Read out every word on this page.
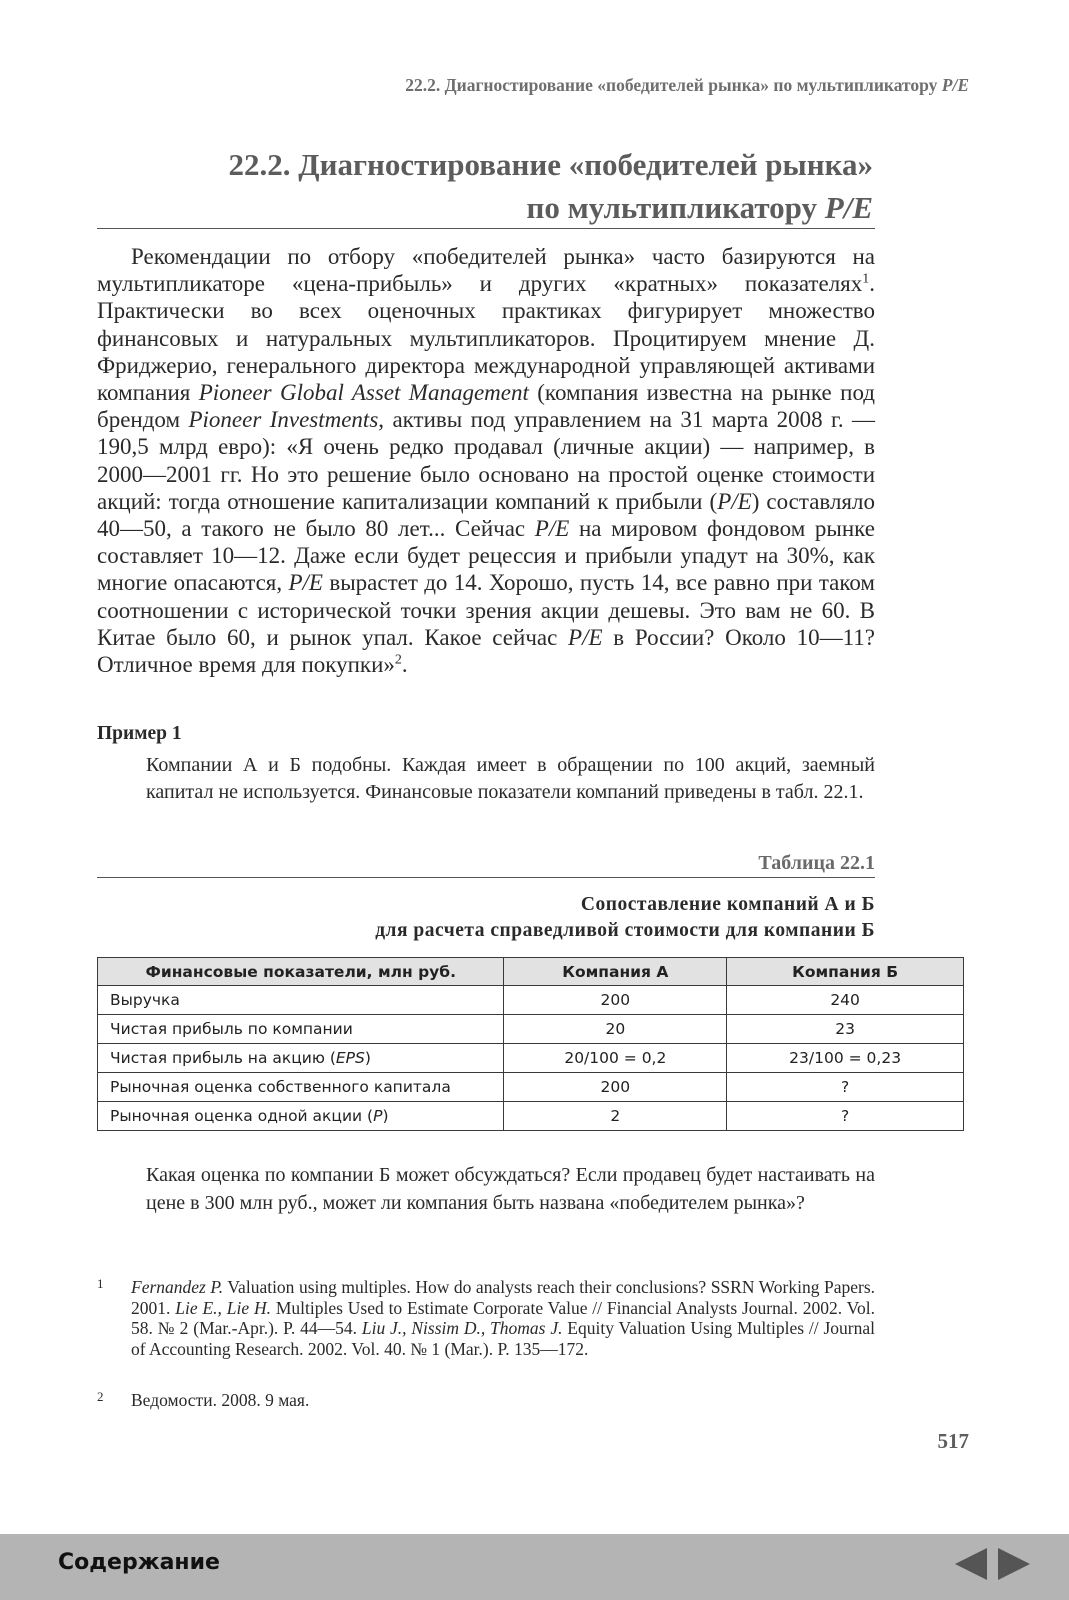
22.2. Диагностирование «победителей рынка» по мультипликатору P/E
22.2. Диагностирование «победителей рынка»
по мультипликатору P/E
Рекомендации по отбору «победителей рынка» часто базируются на мультипликаторе «цена-прибыль» и других «кратных» показателях$^1$. Практически во всех оценочных практиках фигурирует множество финансовых и натуральных мультипликаторов. Процитируем мнение Д. Фриджерио, генерального директора международной управляющей активами компания Pioneer Global Asset Management (компания известна на рынке под брендом Pioneer Investments, активы под управлением на 31 марта 2008 г. — 190,5 млрд евро): «Я очень редко продавал (личные акции) — например, в 2000—2001 гг. Но это решение было основано на простой оценке стоимости акций: тогда отношение капитализации компаний к прибыли (P/E) составляло 40—50, а такого не было 80 лет... Сейчас P/E на мировом фондовом рынке составляет 10—12. Даже если будет рецессия и прибыли упадут на 30%, как многие опасаются, P/E вырастет до 14. Хорошо, пусть 14, все равно при таком соотношении с исторической точки зрения акции дешевы. Это вам не 60. В Китае было 60, и рынок упал. Какое сейчас P/E в России? Около 10—11? Отличное время для покупки»$^2$.
Пример 1
Компании А и Б подобны. Каждая имеет в обращении по 100 акций, заемный капитал не используется. Финансовые показатели компаний приведены в табл. 22.1.
Таблица 22.1
Сопоставление компаний А и Б
для расчета справедливой стоимости для компании Б
Финансовые показатели, млн руб.	Компания А	Компания Б
Выручка	200	240
Чистая прибыль по компании	20	23
Чистая прибыль на акцию (EPS)	20/100 = 0,2	23/100 = 0,23
Рыночная оценка собственного капитала	200	?
Рыночная оценка одной акции (P)	2	?
Какая оценка по компании Б может обсуждаться? Если продавец будет настаивать на цене в 300 млн руб., может ли компания быть названа «победителем рынка»?
1 Fernandez P. Valuation using multiples. How do analysts reach their conclusions? SSRN Working Papers. 2001. Lie E., Lie H. Multiples Used to Estimate Corporate Value // Financial Analysts Journal. 2002. Vol. 58. № 2 (Mar.-Apr.). P. 44—54. Liu J., Nissim D., Thomas J. Equity Valuation Using Multiples // Journal of Accounting Research. 2002. Vol. 40. № 1 (Mar.). P. 135—172.
2 Ведомости. 2008. 9 мая.
517
Содержание
